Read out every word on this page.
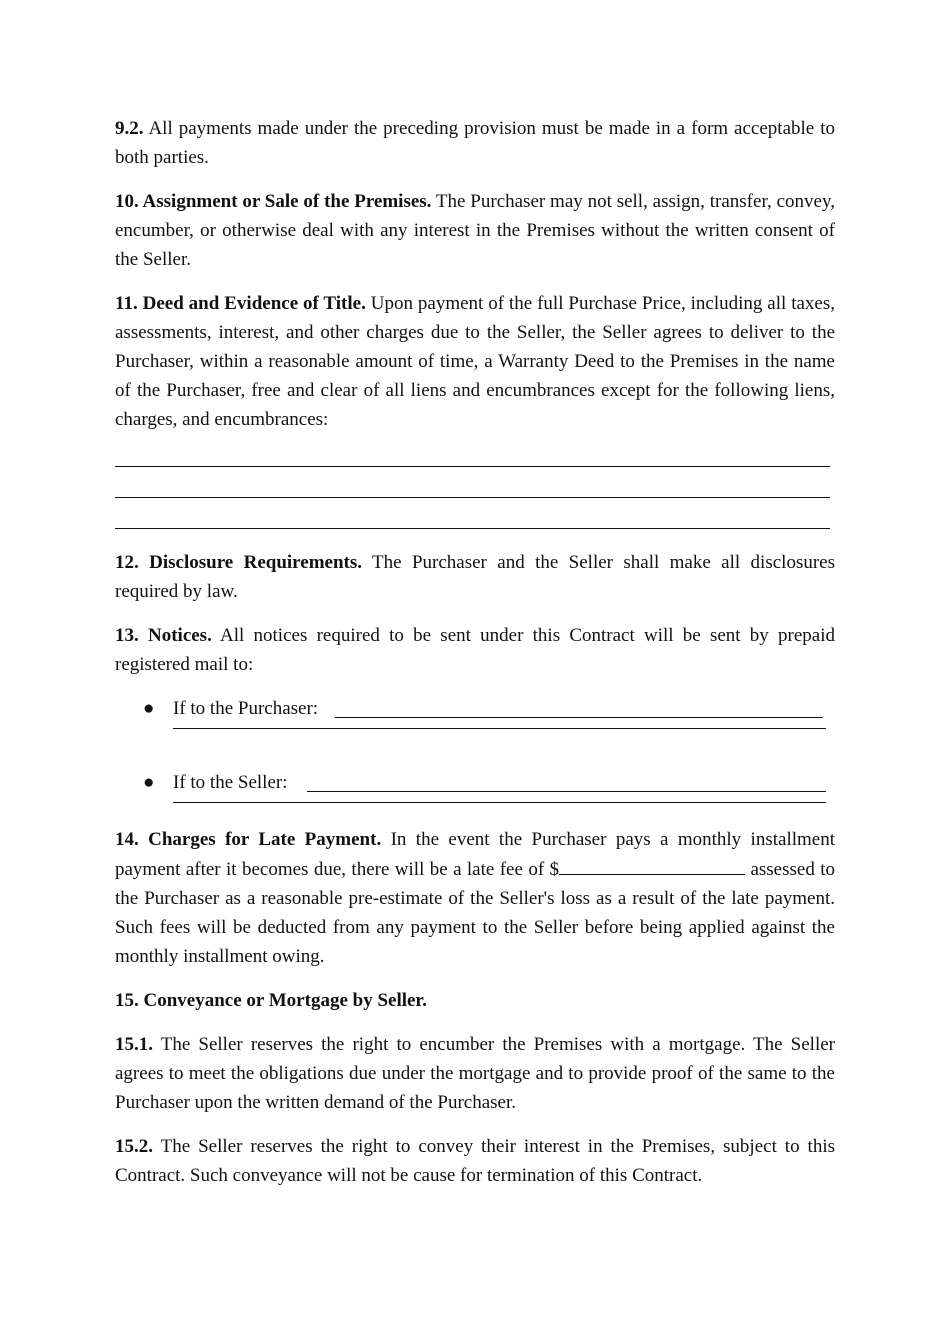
9.2. All payments made under the preceding provision must be made in a form acceptable to both parties.

10. Assignment or Sale of the Premises. The Purchaser may not sell, assign, transfer, convey, encumber, or otherwise deal with any interest in the Premises without the written consent of the Seller.

11. Deed and Evidence of Title. Upon payment of the full Purchase Price, including all taxes, assessments, interest, and other charges due to the Seller, the Seller agrees to deliver to the Purchaser, within a reasonable amount of time, a Warranty Deed to the Premises in the name of the Purchaser, free and clear of all liens and encumbrances except for the following liens, charges, and encumbrances:

12. Disclosure Requirements. The Purchaser and the Seller shall make all disclosures required by law.

13. Notices. All notices required to be sent under this Contract will be sent by prepaid registered mail to:

● If to the Purchaser:
● If to the Seller:

14. Charges for Late Payment. In the event the Purchaser pays a monthly installment payment after it becomes due, there will be a late fee of $	assessed to the Purchaser as a reasonable pre-estimate of the Seller's loss as a result of the late payment. Such fees will be deducted from any payment to the Seller before being applied against the monthly installment owing.

15. Conveyance or Mortgage by Seller.

15.1. The Seller reserves the right to encumber the Premises with a mortgage. The Seller agrees to meet the obligations due under the mortgage and to provide proof of the same to the Purchaser upon the written demand of the Purchaser.

15.2. The Seller reserves the right to convey their interest in the Premises, subject to this Contract. Such conveyance will not be cause for termination of this Contract.
